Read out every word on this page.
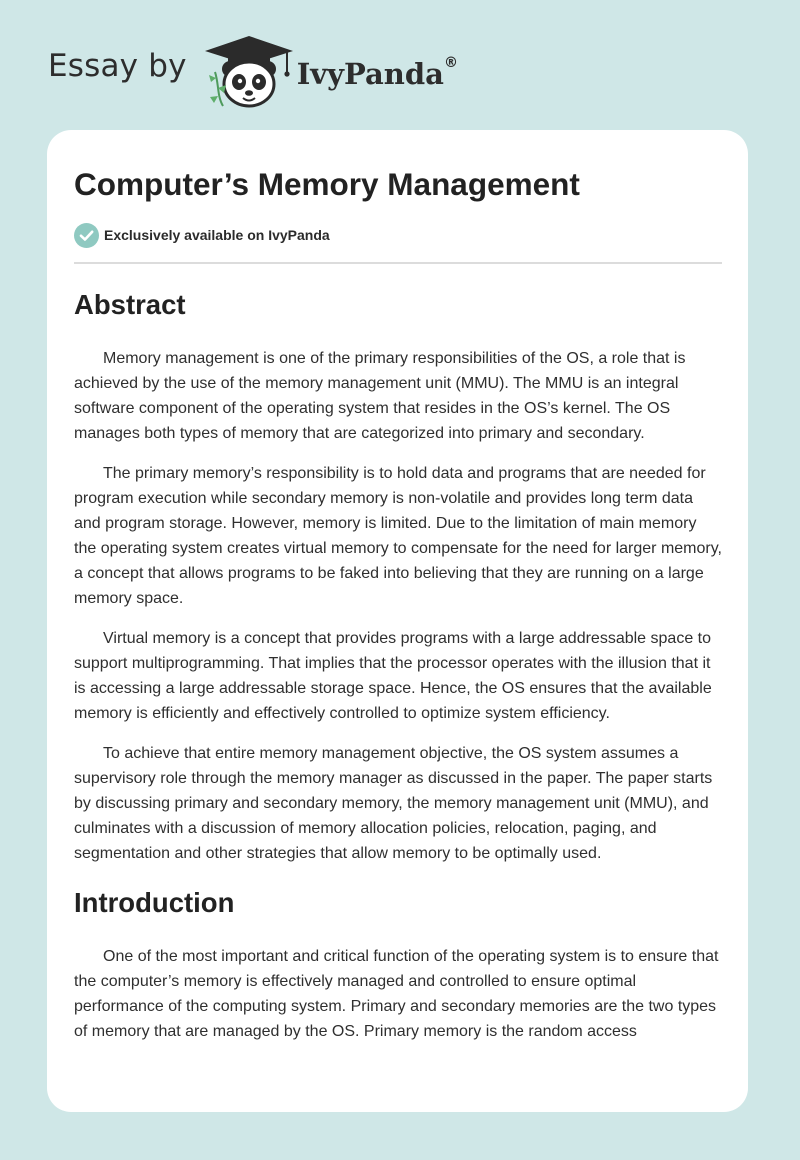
Essay by	IvyPanda®
Computer’s Memory Management
Exclusively available on IvyPanda
Abstract

Memory management is one of the primary responsibilities of the OS, a role that is achieved by the use of the memory management unit (MMU). The MMU is an integral software component of the operating system that resides in the OS’s kernel. The OS manages both types of memory that are categorized into primary and secondary.

The primary memory’s responsibility is to hold data and programs that are needed for program execution while secondary memory is non-volatile and provides long term data and program storage. However, memory is limited. Due to the limitation of main memory the operating system creates virtual memory to compensate for the need for larger memory, a concept that allows programs to be faked into believing that they are running on a large memory space.

Virtual memory is a concept that provides programs with a large addressable space to support multiprogramming. That implies that the processor operates with the illusion that it is accessing a large addressable storage space. Hence, the OS ensures that the available memory is efficiently and effectively controlled to optimize system efficiency.

To achieve that entire memory management objective, the OS system assumes a supervisory role through the memory manager as discussed in the paper. The paper starts by discussing primary and secondary memory, the memory management unit (MMU), and culminates with a discussion of memory allocation policies, relocation, paging, and segmentation and other strategies that allow memory to be optimally used.

Introduction

One of the most important and critical function of the operating system is to ensure that the computer’s memory is effectively managed and controlled to ensure optimal performance of the computing system. Primary and secondary memories are the two types of memory that are managed by the OS. Primary memory is the random access
